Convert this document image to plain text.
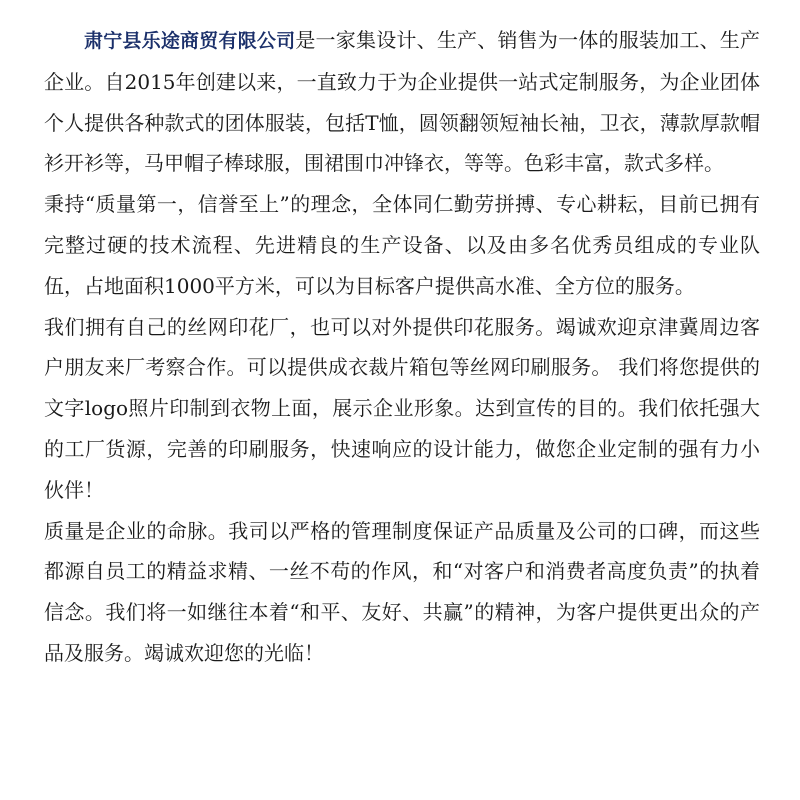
肃宁县乐途商贸有限公司是一家集设计、生产、销售为一体的服装加工、生产企业。自2015年创建以来，一直致力于为企业提供一站式定制服务，为企业团体个人提供各种款式的团体服装，包括T恤，圆领翻领短袖长袖，卫衣，薄款厚款帽衫开衫等，马甲帽子棒球服，围裙围巾冲锋衣，等等。色彩丰富，款式多样。

秉持“质量第一，信誉至上”的理念，全体同仁勤劳拼搏、专心耕耘，目前已拥有完整过硬的技术流程、先进精良的生产设备、以及由多名优秀员组成的专业队伍，占地面积1000平方米，可以为目标客户提供高水准、全方位的服务。

我们拥有自己的丝网印花厂，也可以对外提供印花服务。竭诚欢迎京津冀周边客户朋友来厂考察合作。可以提供成衣裁片箱包等丝网印刷服务。 我们将您提供的文字logo照片印制到衣物上面，展示企业形象。达到宣传的目的。我们依托强大的工厂货源，完善的印刷服务，快速响应的设计能力，做您企业定制的强有力小伙伴！

质量是企业的命脉。我司以严格的管理制度保证产品质量及公司的口碑，而这些都源自员工的精益求精、一丝不苟的作风，和“对客户和消费者高度负责”的执着信念。我们将一如继往本着“和平、友好、共赢”的精神，为客户提供更出众的产品及服务。竭诚欢迎您的光临！
